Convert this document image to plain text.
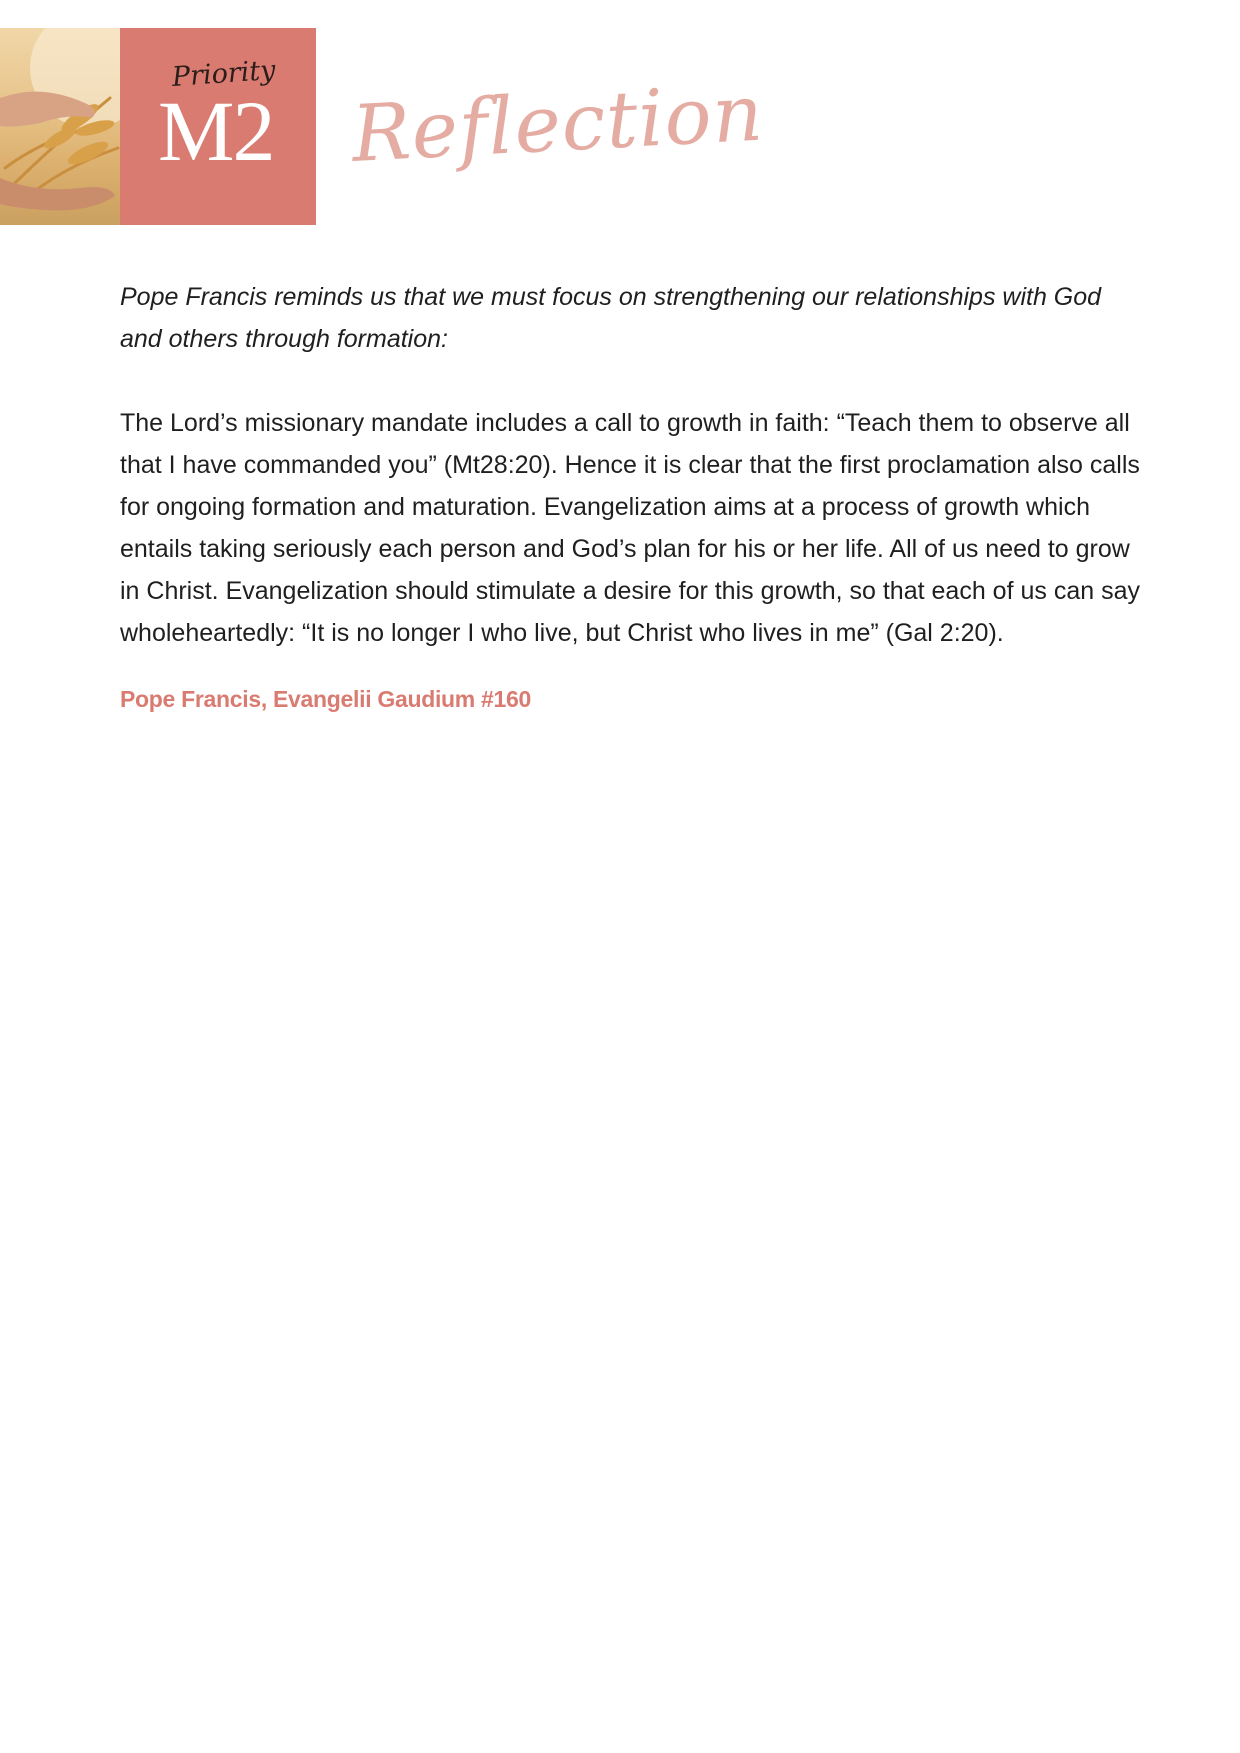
Priority
M2 Reflection

Pope Francis reminds us that we must focus on strengthening our relationships with God and others through formation:

The Lord’s missionary mandate includes a call to growth in faith: “Teach them to observe all that I have commanded you” (Mt28:20). Hence it is clear that the first proclamation also calls for ongoing formation and maturation. Evangelization aims at a process of growth which entails taking seriously each person and God’s plan for his or her life. All of us need to grow in Christ. Evangelization should stimulate a desire for this growth, so that each of us can say wholeheartedly: “It is no longer I who live, but Christ who lives in me” (Gal 2:20).

Pope Francis, Evangelii Gaudium #160
